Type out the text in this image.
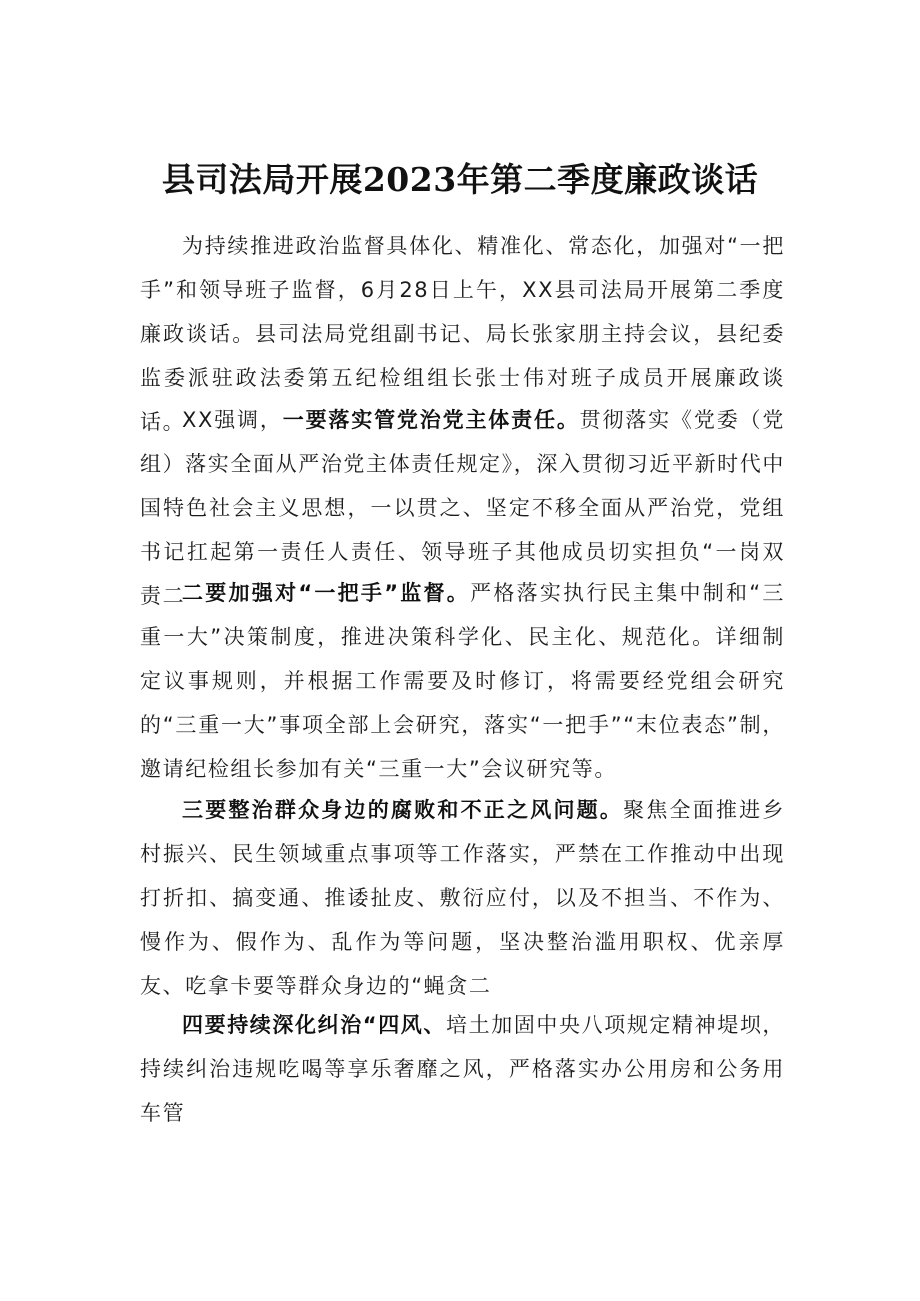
县司法局开展2023年第二季度廉政谈话

为持续推进政治监督具体化、精准化、常态化，加强对“一把手”和领导班子监督，6月28日上午，XX县司法局开展第二季度廉政谈话。县司法局党组副书记、局长张家朋主持会议，县纪委监委派驻政法委第五纪检组组长张士伟对班子成员开展廉政谈话。

XX强调，一要落实管党治党主体责任。贯彻落实《党委（党组）落实全面从严治党主体责任规定》，深入贯彻习近平新时代中国特色社会主义思想，一以贯之、坚定不移全面从严治党，党组书记扛起第一责任人责任、领导班子其他成员切实担负“一岗双责二

二要加强对“一把手”监督。严格落实执行民主集中制和“三重一大”决策制度，推进决策科学化、民主化、规范化。详细制定议事规则，并根据工作需要及时修订，将需要经党组会研究的“三重一大”事项全部上会研究，落实“一把手”“末位表态”制，邀请纪检组长参加有关“三重一大”会议研究等。

三要整治群众身边的腐败和不正之风问题。聚焦全面推进乡村振兴、民生领域重点事项等工作落实，严禁在工作推动中出现打折扣、搞变通、推诿扯皮、敷衍应付，以及不担当、不作为、慢作为、假作为、乱作为等问题，坚决整治滥用职权、优亲厚友、吃拿卡要等群众身边的“蝇贪二

四要持续深化纠治“四风、培土加固中央八项规定精神堤坝，持续纠治违规吃喝等享乐奢靡之风，严格落实办公用房和公务用车管
